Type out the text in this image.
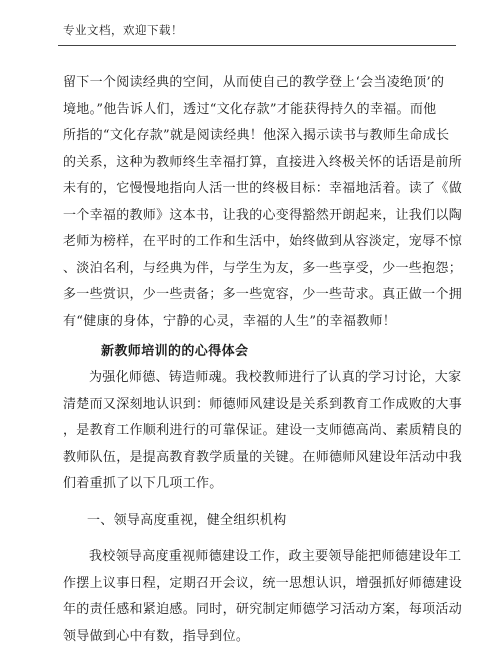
专业文档，欢迎下载！

留下一个阅读经典的空间，从而使自己的教学登上‘会当凌绝顶’的

境地。”他告诉人们，透过“文化存款”才能获得持久的幸福。而他

所指的“文化存款”就是阅读经典！他深入揭示读书与教师生命成长

的关系，这种为教师终生幸福打算，直接进入终极关怀的话语是前所

未有的，它慢慢地指向人活一世的终极目标：幸福地活着。读了《做

一个幸福的教师》这本书，让我的心变得豁然开朗起来，让我们以陶

老师为榜样，在平时的工作和生活中，始终做到从容淡定，宠辱不惊

、淡泊名利，与经典为伴，与学生为友，多一些享受，少一些抱怨；

多一些赏识，少一些责备；多一些宽容，少一些苛求。真正做一个拥

有“健康的身体，宁静的心灵，幸福的人生”的幸福教师！

新教师培训的的心得体会

为强化师德、铸造师魂。我校教师进行了认真的学习讨论，大家

清楚而又深刻地认识到：师德师风建设是关系到教育工作成败的大事

，是教育工作顺利进行的可靠保证。建设一支师德高尚、素质精良的

教师队伍，是提高教育教学质量的关键。在师德师风建设年活动中我

们着重抓了以下几项工作。

一、领导高度重视，健全组织机构

我校领导高度重视师德建设工作，政主要领导能把师德建设年工

作摆上议事日程，定期召开会议，统一思想认识，增强抓好师德建设

年的责任感和紧迫感。同时，研究制定师德学习活动方案，每项活动

领导做到心中有数，指导到位。
